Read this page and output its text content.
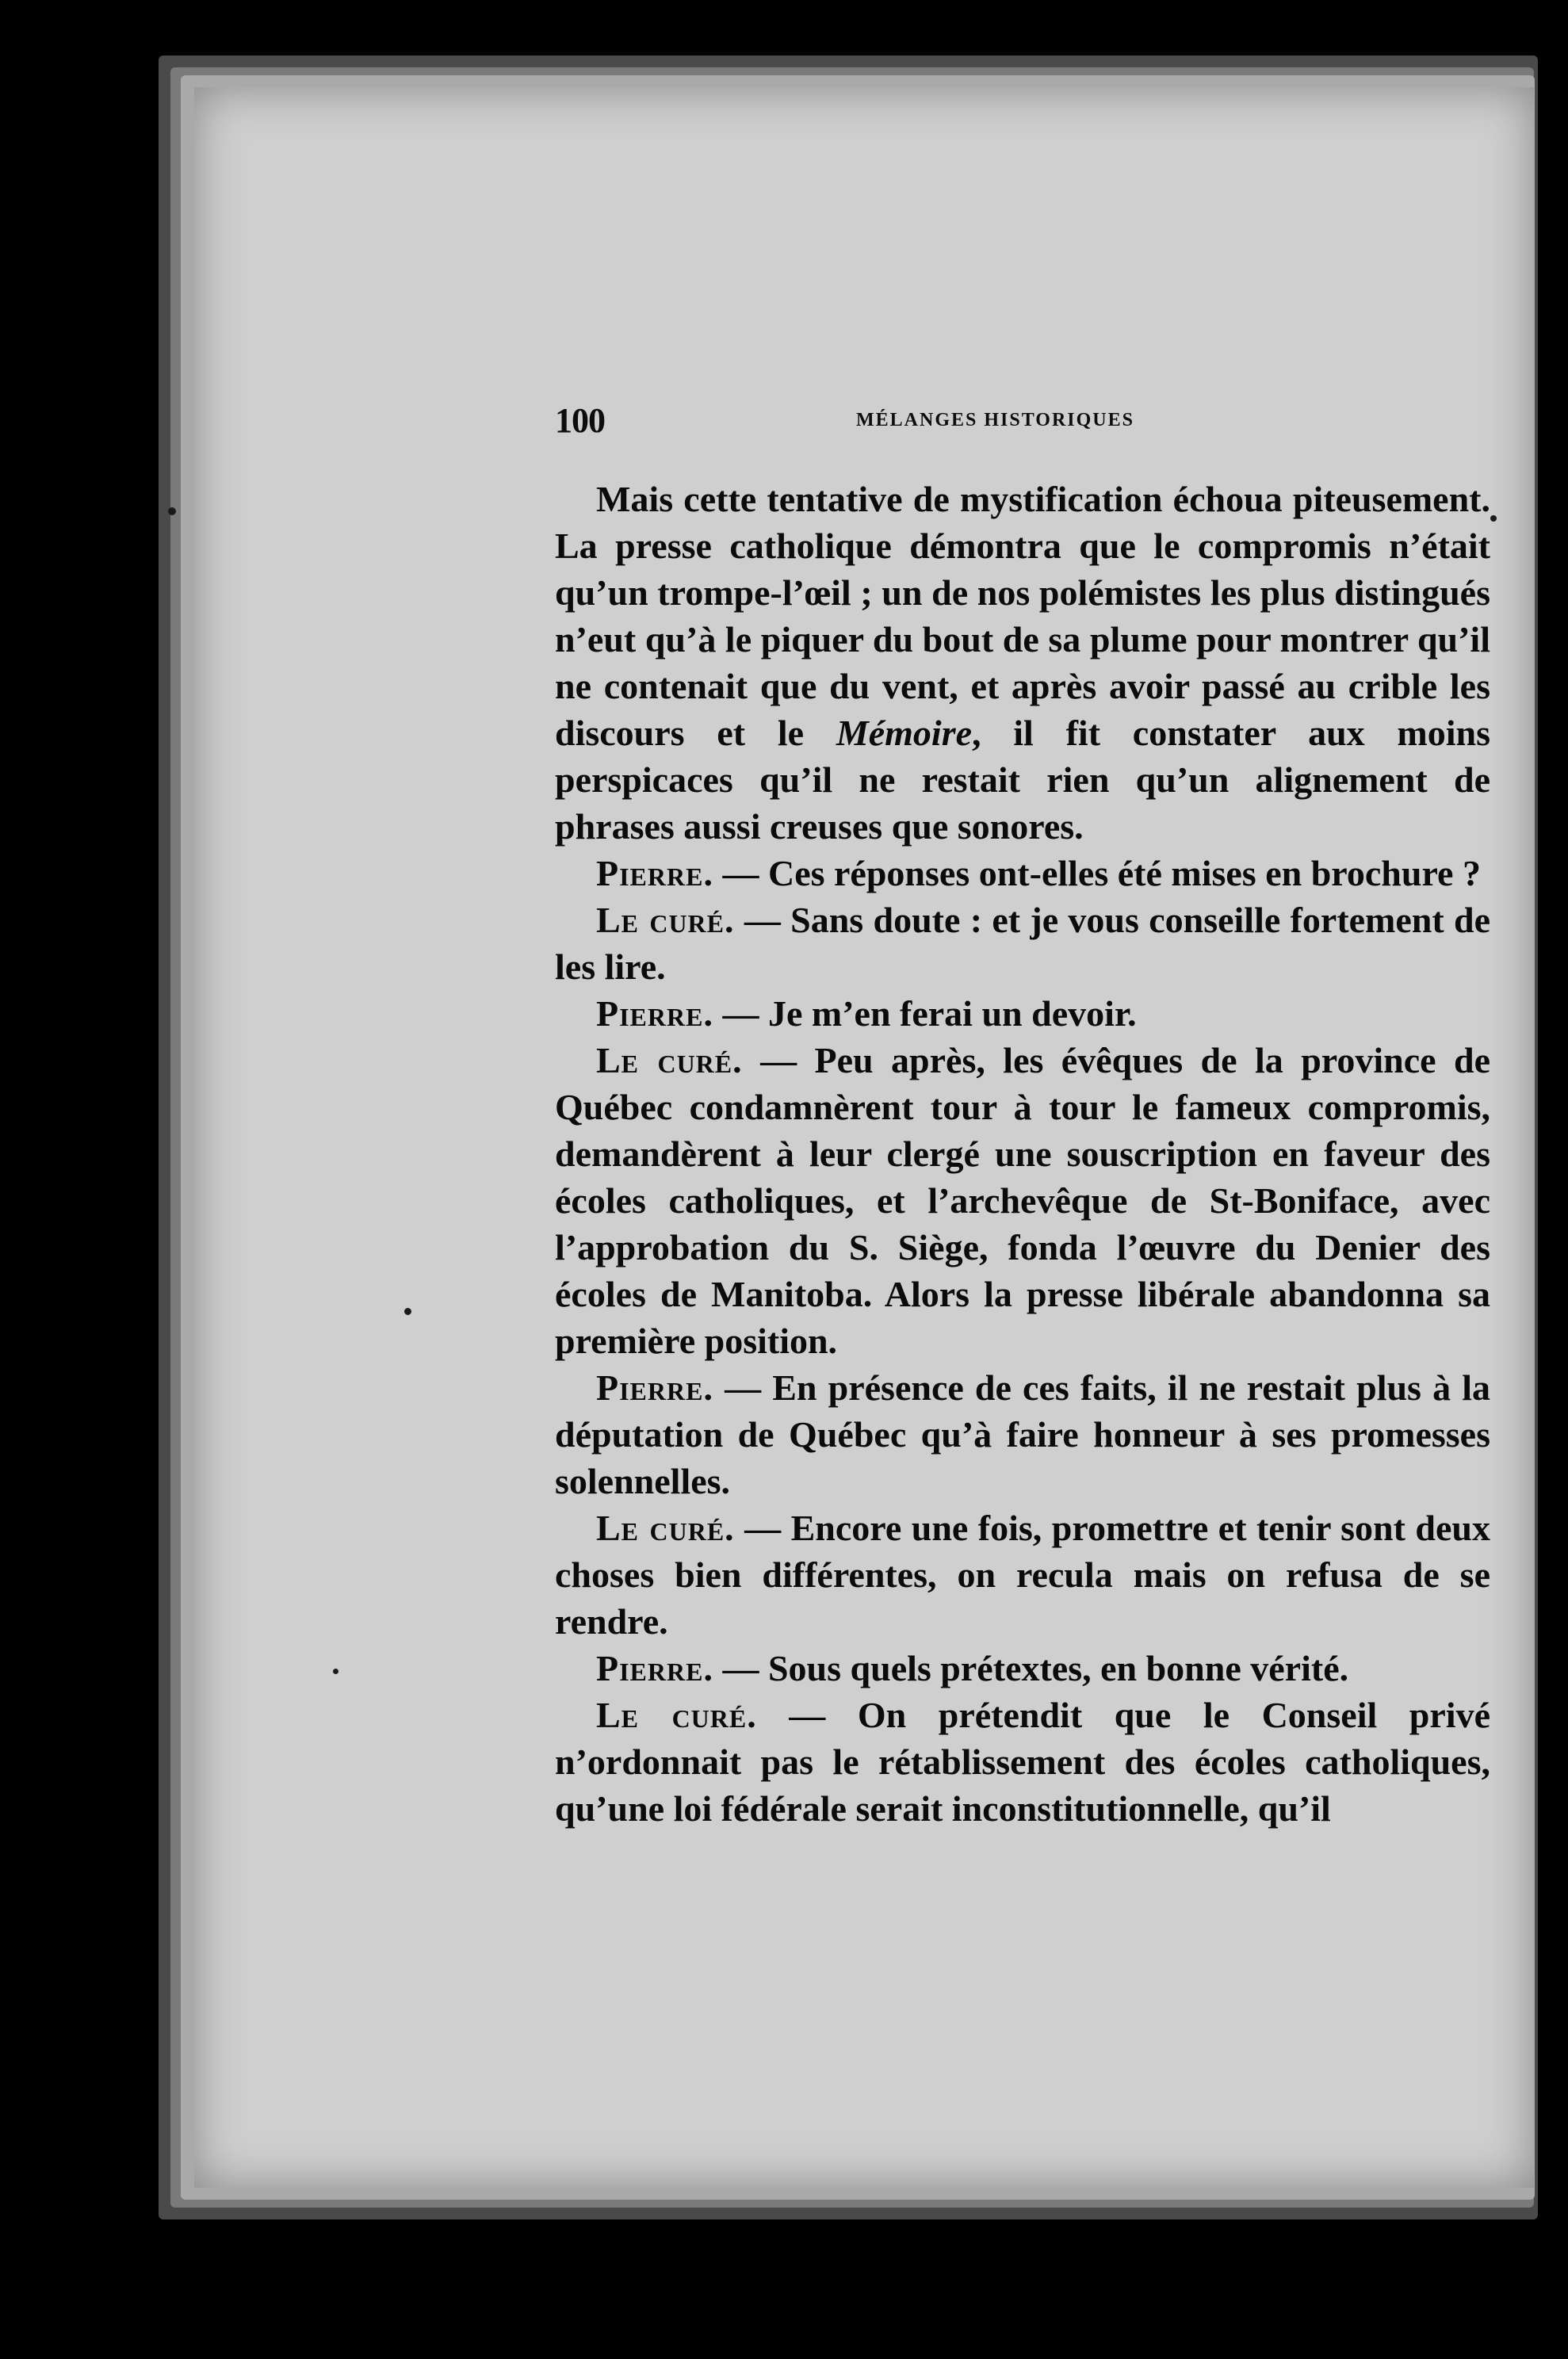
100	MÉLANGES HISTORIQUES

Mais cette tentative de mystification échoua piteusement. La presse catholique démontra que le compromis n’était qu’un trompe-l’œil ; un de nos polémistes les plus distingués n’eut qu’à le piquer du bout de sa plume pour montrer qu’il ne contenait que du vent, et après avoir passé au crible les discours et le Mémoire, il fit constater aux moins perspicaces qu’il ne restait rien qu’un alignement de phrases aussi creuses que sonores.

Pierre. — Ces réponses ont-elles été mises en brochure ?

Le curé. — Sans doute : et je vous conseille fortement de les lire.

Pierre. — Je m’en ferai un devoir.

Le curé. — Peu après, les évêques de la province de Québec condamnèrent tour à tour le fameux compromis, demandèrent à leur clergé une souscription en faveur des écoles catholiques, et l’archevêque de St-Boniface, avec l’approbation du S. Siège, fonda l’œuvre du Denier des écoles de Manitoba. Alors la presse libérale abandonna sa première position.

Pierre. — En présence de ces faits, il ne restait plus à la députation de Québec qu’à faire honneur à ses promesses solennelles.

Le curé. — Encore une fois, promettre et tenir sont deux choses bien différentes, on recula mais on refusa de se rendre.

Pierre. — Sous quels prétextes, en bonne vérité.

Le curé. — On prétendit que le Conseil privé n’ordonnait pas le rétablissement des écoles catholiques, qu’une loi fédérale serait inconstitutionnelle, qu’il
